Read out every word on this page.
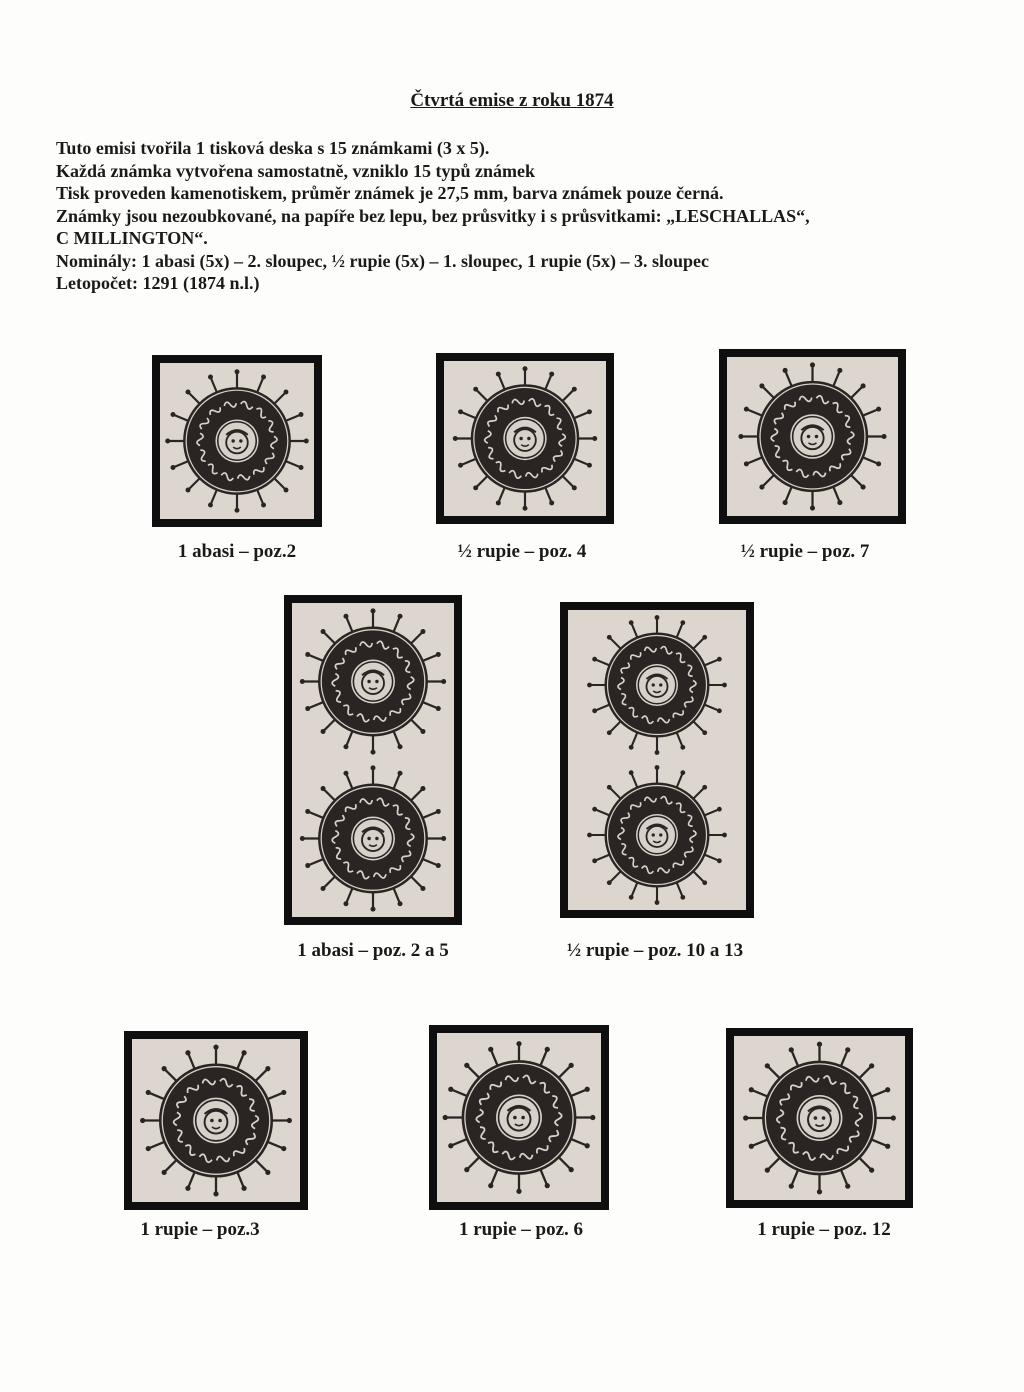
Čtvrtá emise z roku 1874
Tuto emisi tvořila 1 tisková deska s 15 známkami (3 x 5).
Každá známka vytvořena samostatně, vzniklo 15 typů známek
Tisk proveden kamenotiskem, průměr známek je 27,5 mm, barva známek pouze černá.
Známky jsou nezoubkované, na papíře bez lepu, bez průsvitky i s průsvitkami: „LESCHALLAS“,
C MILLINGTON“.
Nominály: 1 abasi (5x) – 2. sloupec, ½ rupie (5x) – 1. sloupec, 1 rupie (5x) – 3. sloupec
Letopočet: 1291 (1874 n.l.)
1 abasi – poz.2	½ rupie – poz. 4	½ rupie – poz. 7
1 abasi – poz. 2 a 5	½ rupie – poz. 10 a 13
1 rupie – poz.3	1 rupie – poz. 6	1 rupie – poz. 12
